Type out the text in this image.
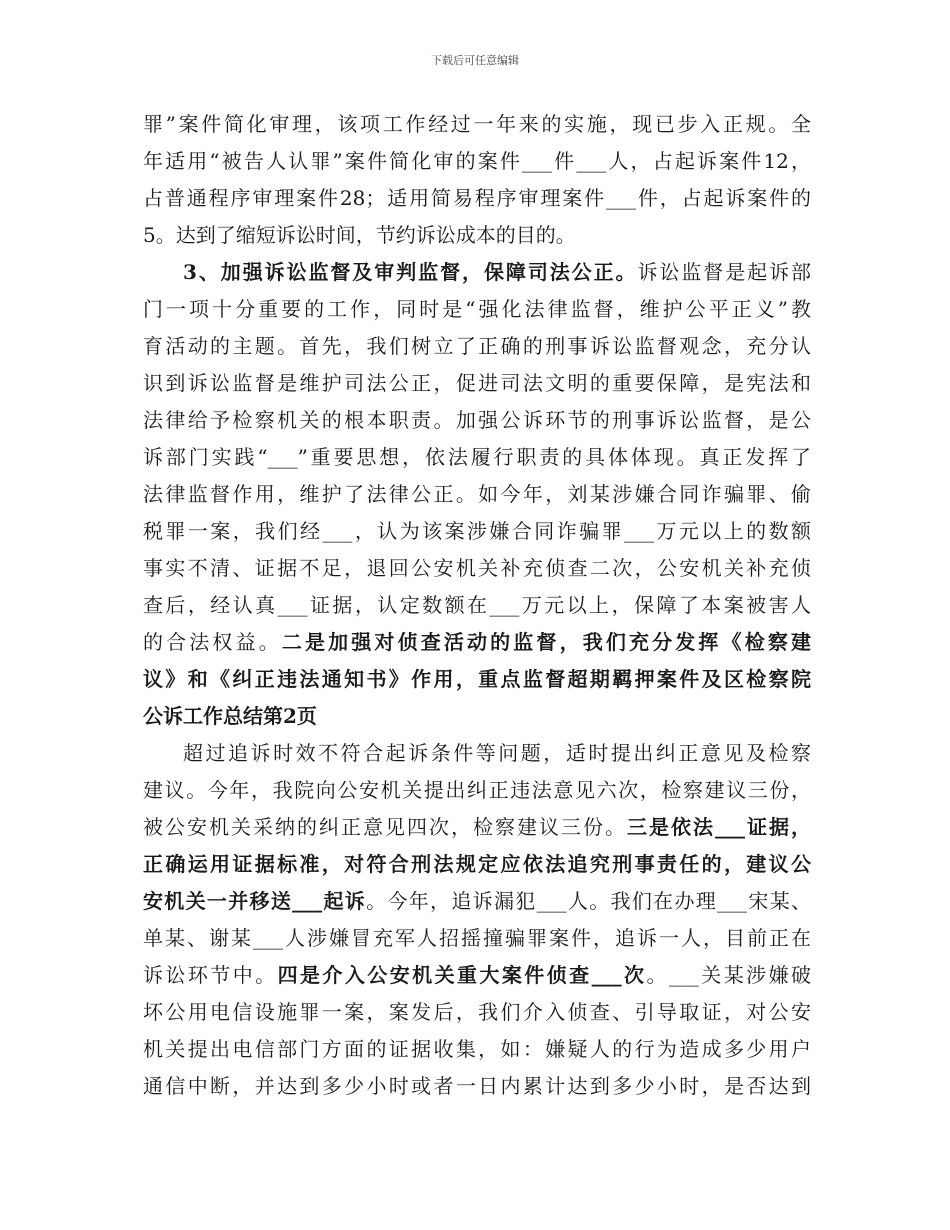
下载后可任意编辑
罪”案件简化审理，该项工作经过一年来的实施，现已步入正规。全
年适用“被告人认罪”案件简化审的案件___件___人，占起诉案件12，
占普通程序审理案件28；适用简易程序审理案件___件，占起诉案件的
5。达到了缩短诉讼时间，节约诉讼成本的目的。
3、加强诉讼监督及审判监督，保障司法公正。诉讼监督是起诉部
门一项十分重要的工作，同时是“强化法律监督，维护公平正义”教
育活动的主题。首先，我们树立了正确的刑事诉讼监督观念，充分认
识到诉讼监督是维护司法公正，促进司法文明的重要保障，是宪法和
法律给予检察机关的根本职责。加强公诉环节的刑事诉讼监督，是公
诉部门实践“___”重要思想，依法履行职责的具体体现。真正发挥了
法律监督作用，维护了法律公正。如今年，刘某涉嫌合同诈骗罪、偷
税罪一案，我们经___，认为该案涉嫌合同诈骗罪___万元以上的数额
事实不清、证据不足，退回公安机关补充侦查二次，公安机关补充侦
查后，经认真___证据，认定数额在___万元以上，保障了本案被害人
的合法权益。二是加强对侦查活动的监督，我们充分发挥《检察建
议》和《纠正违法通知书》作用，重点监督超期羁押案件及区检察院
公诉工作总结第2页
超过追诉时效不符合起诉条件等问题，适时提出纠正意见及检察
建议。今年，我院向公安机关提出纠正违法意见六次，检察建议三份，
被公安机关采纳的纠正意见四次，检察建议三份。三是依法___证据，
正确运用证据标准，对符合刑法规定应依法追究刑事责任的，建议公
安机关一并移送___起诉。今年，追诉漏犯___人。我们在办理___宋某、
单某、谢某___人涉嫌冒充军人招摇撞骗罪案件，追诉一人，目前正在
诉讼环节中。四是介入公安机关重大案件侦查___次。___关某涉嫌破
坏公用电信设施罪一案，案发后，我们介入侦查、引导取证，对公安
机关提出电信部门方面的证据收集，如：嫌疑人的行为造成多少用户
通信中断，并达到多少小时或者一日内累计达到多少小时，是否达到
